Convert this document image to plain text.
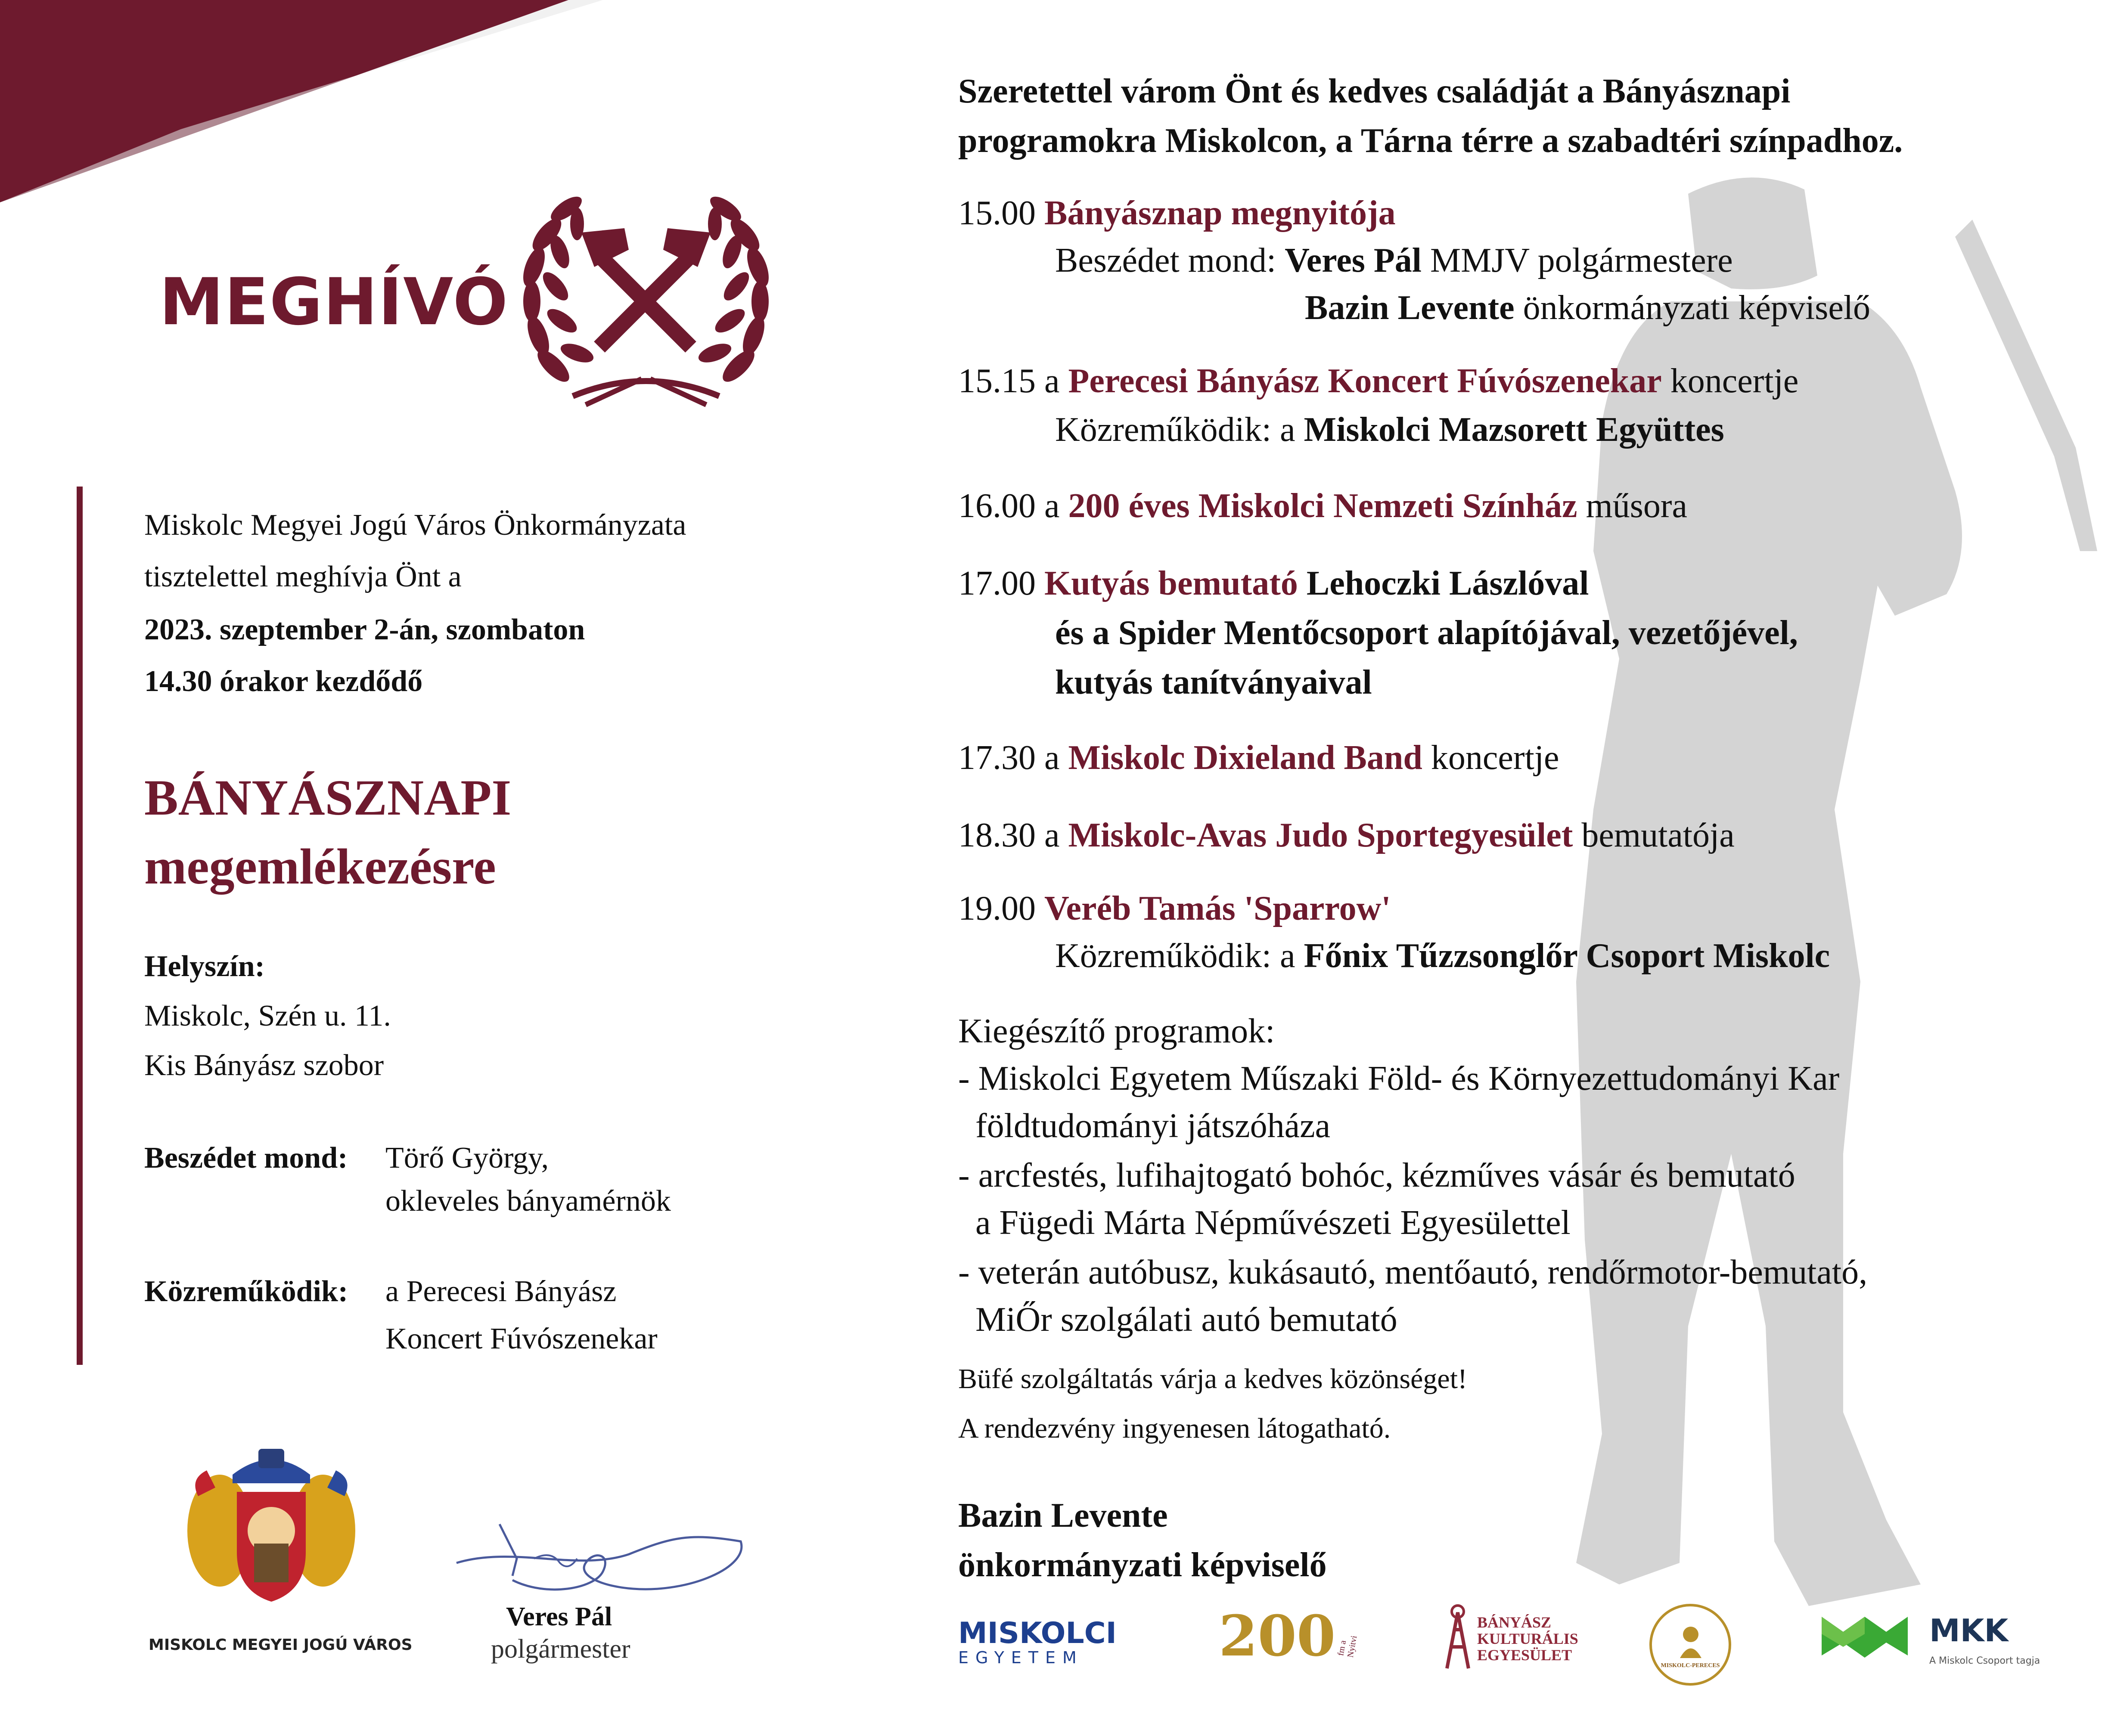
MEGHÍVÓ
Miskolc Megyei Jogú Város Önkormányzata
tisztelettel meghívja Önt a
2023. szeptember 2-án, szombaton
14.30 órakor kezdődő
BÁNYÁSZNAPI
megemlékezésre
Helyszín:
Miskolc, Szén u. 11.
Kis Bányász szobor
Beszédet mond: Törő György,
okleveles bányamérnök
Közreműködik: a Perecesi Bányász
Koncert Fúvószenekar
MISKOLC MEGYEI JOGÚ VÁROS
Veres Pál
polgármester
Szeretettel várom Önt és kedves családját a Bányásznapi
programokra Miskolcon, a Tárna térre a szabadtéri színpadhoz.
15.00 Bányásznap megnyitója
Beszédet mond: Veres Pál MMJV polgármestere
Bazin Levente önkormányzati képviselő
15.15 a Perecesi Bányász Koncert Fúvószenekar koncertje
Közreműködik: a Miskolci Mazsorett Együttes
16.00 a 200 éves Miskolci Nemzeti Színház műsora
17.00 Kutyás bemutató Lehoczki Lászlóval
és a Spider Mentőcsoport alapítójával, vezetőjével,
kutyás tanítványaival
17.30 a Miskolc Dixieland Band koncertje
18.30 a Miskolc-Avas Judo Sportegyesület bemutatója
19.00 Veréb Tamás 'Sparrow'
Közreműködik: a Főnix Tűzzsonglőr Csoport Miskolc
Kiegészítő programok:
- Miskolci Egyetem Műszaki Föld- és Környezettudományi Kar
földtudományi játszóháza
- arcfestés, lufihajtogató bohóc, kézműves vásár és bemutató
a Fügedi Márta Népművészeti Egyesülettel
- veterán autóbusz, kukásautó, mentőautó, rendőrmotor-bemutató,
MiŐr szolgálati autó bemutató
Büfé szolgáltatás várja a kedves közönséget!
A rendezvény ingyenesen látogatható.
Bazin Levente
önkormányzati képviselő
MISKOLCI
EGYETEM	200 fm a Nyitvi
BÁNYÁSZ
KULTURÁLIS
EGYESÜLET
MISKOLC-PERECES
MKK
A Miskolc Csoport tagja
